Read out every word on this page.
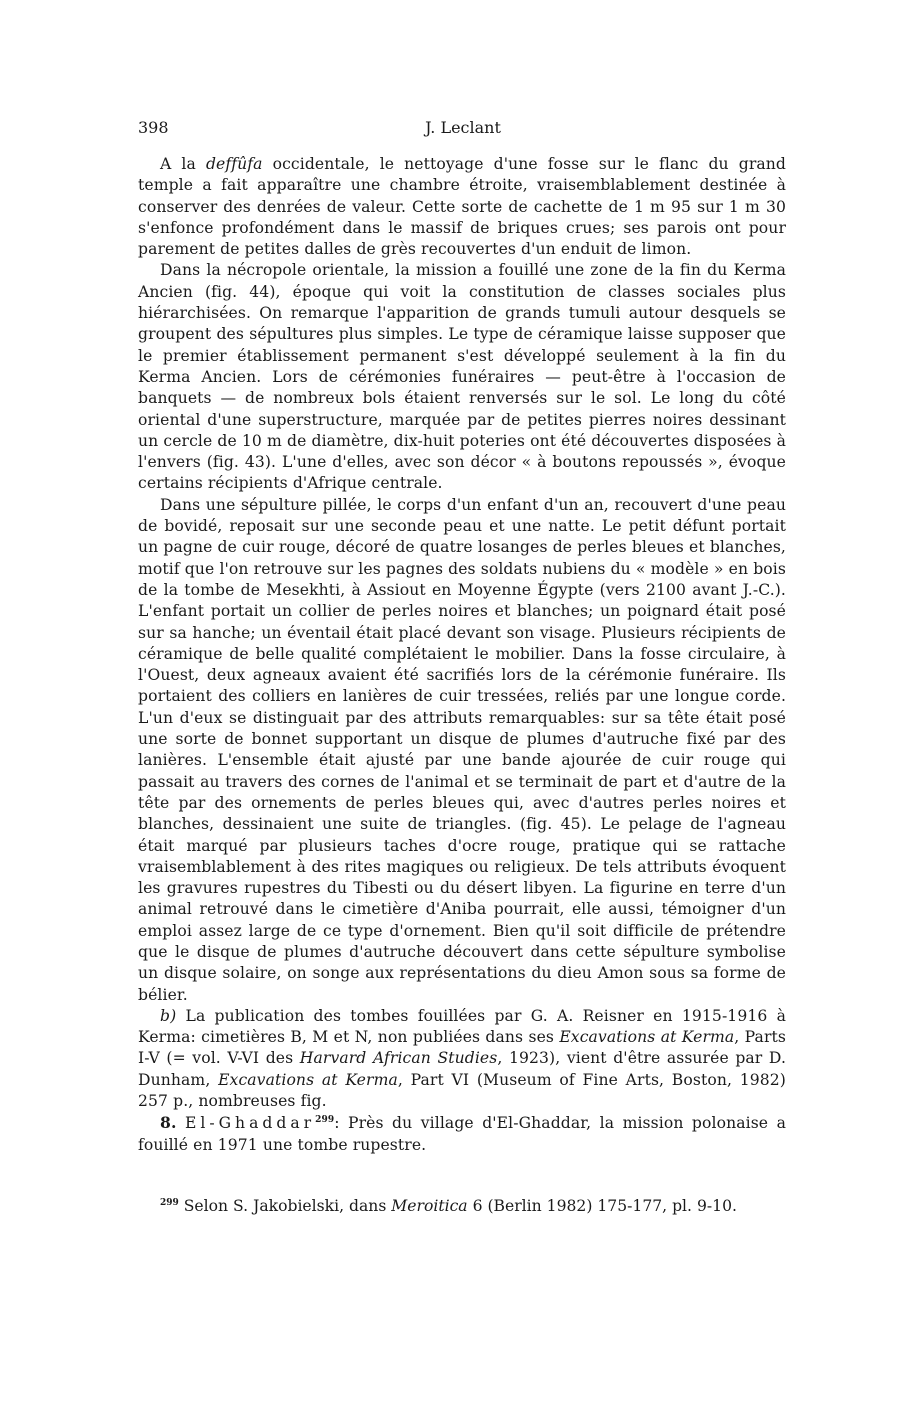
398	J. Leclant

A la deffûfa occidentale, le nettoyage d'une fosse sur le flanc du grand temple a fait apparaître une chambre étroite, vraisemblablement destinée à conserver des denrées de valeur. Cette sorte de cachette de 1 m 95 sur 1 m 30 s'enfonce profondément dans le massif de briques crues; ses parois ont pour parement de petites dalles de grès recouvertes d'un enduit de limon.

Dans la nécropole orientale, la mission a fouillé une zone de la fin du Kerma Ancien (fig. 44), époque qui voit la constitution de classes sociales plus hiérarchisées. On remarque l'apparition de grands tumuli autour desquels se groupent des sépultures plus simples. Le type de céramique laisse supposer que le premier établissement permanent s'est développé seulement à la fin du Kerma Ancien. Lors de cérémonies funéraires — peut-être à l'occasion de banquets — de nombreux bols étaient renversés sur le sol. Le long du côté oriental d'une superstructure, marquée par de petites pierres noires dessinant un cercle de 10 m de diamètre, dix-huit poteries ont été découvertes disposées à l'envers (fig. 43). L'une d'elles, avec son décor « à boutons repoussés », évoque certains récipients d'Afrique centrale.

Dans une sépulture pillée, le corps d'un enfant d'un an, recouvert d'une peau de bovidé, reposait sur une seconde peau et une natte. Le petit défunt portait un pagne de cuir rouge, décoré de quatre losanges de perles bleues et blanches, motif que l'on retrouve sur les pagnes des soldats nubiens du « modèle » en bois de la tombe de Mesekhti, à Assiout en Moyenne Égypte (vers 2100 avant J.-C.). L'enfant portait un collier de perles noires et blanches; un poignard était posé sur sa hanche; un éventail était placé devant son visage. Plusieurs récipients de céramique de belle qualité complétaient le mobilier. Dans la fosse circulaire, à l'Ouest, deux agneaux avaient été sacrifiés lors de la cérémonie funéraire. Ils portaient des colliers en lanières de cuir tressées, reliés par une longue corde. L'un d'eux se distinguait par des attributs remarquables: sur sa tête était posé une sorte de bonnet supportant un disque de plumes d'autruche fixé par des lanières. L'ensemble était ajusté par une bande ajourée de cuir rouge qui passait au travers des cornes de l'animal et se terminait de part et d'autre de la tête par des ornements de perles bleues qui, avec d'autres perles noires et blanches, dessinaient une suite de triangles. (fig. 45). Le pelage de l'agneau était marqué par plusieurs taches d'ocre rouge, pratique qui se rattache vraisemblablement à des rites magiques ou religieux. De tels attributs évoquent les gravures rupestres du Tibesti ou du désert libyen. La figurine en terre d'un animal retrouvé dans le cimetière d'Aniba pourrait, elle aussi, témoigner d'un emploi assez large de ce type d'ornement. Bien qu'il soit difficile de prétendre que le disque de plumes d'autruche découvert dans cette sépulture symbolise un disque solaire, on songe aux représentations du dieu Amon sous sa forme de bélier.

b) La publication des tombes fouillées par G. A. Reisner en 1915-1916 à Kerma: cimetières B, M et N, non publiées dans ses Excavations at Kerma, Parts I-V (= vol. V-VI des Harvard African Studies, 1923), vient d'être assurée par D. Dunham, Excavations at Kerma, Part VI (Museum of Fine Arts, Boston, 1982) 257 p., nombreuses fig.

8. El-Ghaddar$^{299}$: Près du village d'El-Ghaddar, la mission polonaise a fouillé en 1971 une tombe rupestre.

$^{299}$ Selon S. Jakobielski, dans Meroitica 6 (Berlin 1982) 175-177, pl. 9-10.
